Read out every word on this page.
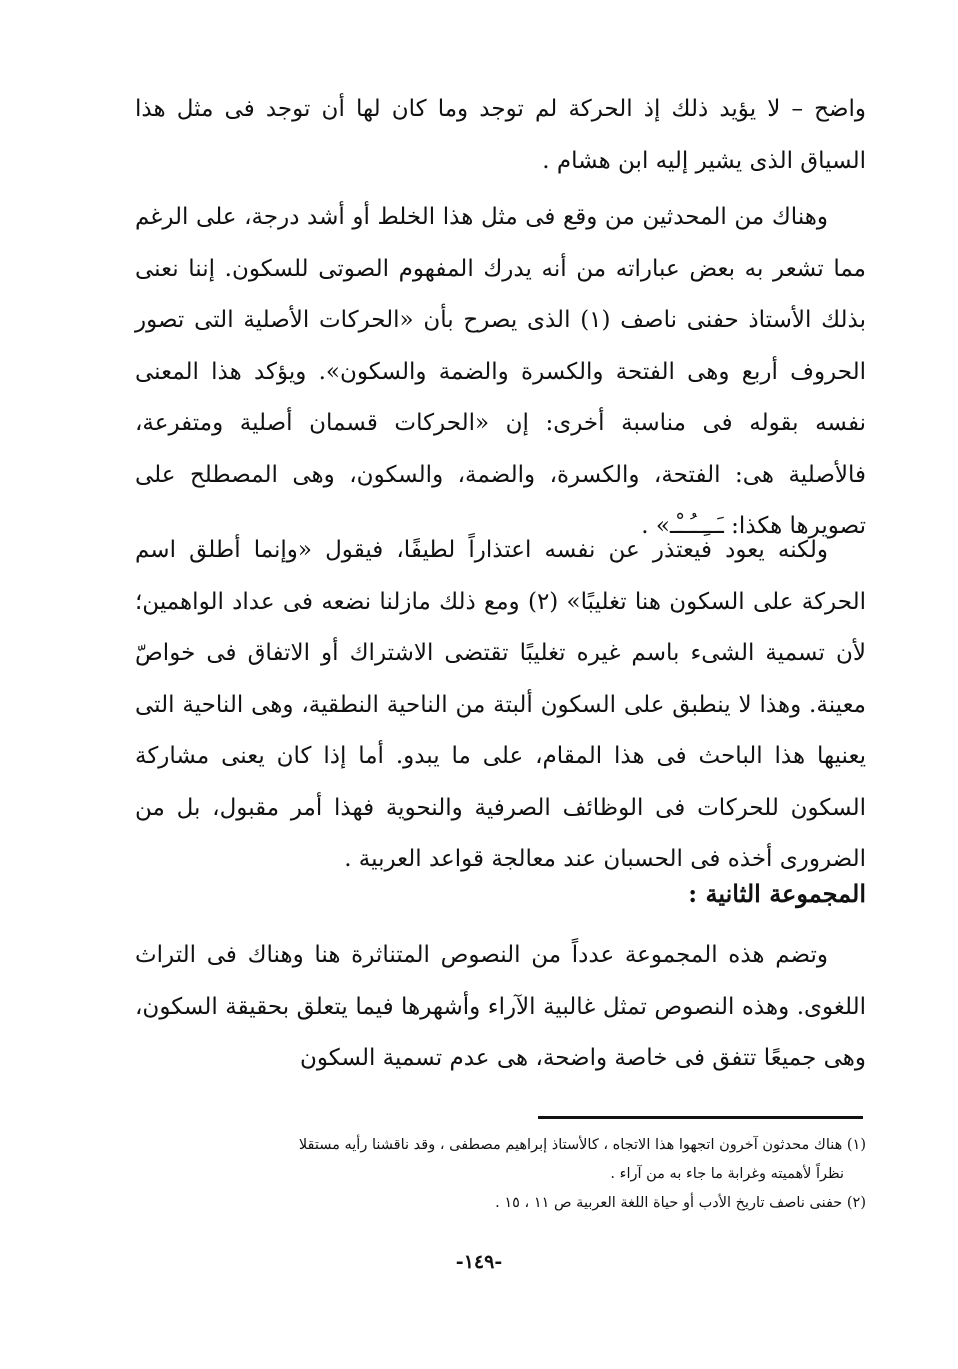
واضح – لا يؤيد ذلك إذ الحركة لم توجد وما كان لها أن توجد فى مثل هذا السياق الذى يشير إليه ابن هشام .

وهناك من المحدثين من وقع فى مثل هذا الخلط أو أشد درجة، على الرغم مما تشعر به بعض عباراته من أنه يدرك المفهوم الصوتى للسكون. إننا نعنى بذلك الأستاذ حفنى ناصف (١) الذى يصرح بأن «الحركات الأصلية التى تصور الحروف أربع وهى الفتحة والكسرة والضمة والسكون». ويؤكد هذا المعنى نفسه بقوله فى مناسبة أخرى: إن «الحركات قسمان أصلية ومتفرعة، فالأصلية هى: الفتحة، والكسرة، والضمة، والسكون، وهى المصطلح على تصويرها هكذا: ـَــِــُــْـ» .

ولكنه يعود فيعتذر عن نفسه اعتذاراً لطيفًا، فيقول «وإنما أطلق اسم الحركة على السكون هنا تغليبًا» (٢) ومع ذلك مازلنا نضعه فى عداد الواهمين؛ لأن تسمية الشىء باسم غيره تغليبًا تقتضى الاشتراك أو الاتفاق فى خواصّ معينة. وهذا لا ينطبق على السكون ألبتة من الناحية النطقية، وهى الناحية التى يعنيها هذا الباحث فى هذا المقام، على ما يبدو. أما إذا كان يعنى مشاركة السكون للحركات فى الوظائف الصرفية والنحوية فهذا أمر مقبول، بل من الضرورى أخذه فى الحسبان عند معالجة قواعد العربية .

المجموعة الثانية :

وتضم هذه المجموعة عدداً من النصوص المتناثرة هنا وهناك فى التراث اللغوى. وهذه النصوص تمثل غالبية الآراء وأشهرها فيما يتعلق بحقيقة السكون، وهى جميعًا تتفق فى خاصة واضحة، هى عدم تسمية السكون

(١) هناك محدثون آخرون اتجهوا هذا الاتجاه ، كالأستاذ إبراهيم مصطفى ، وقد ناقشنا رأيه مستقلا

نظراً لأهميته وغرابة ما جاء به من آراء .

(٢) حفنى ناصف تاريخ الأدب أو حياة اللغة العربية ص ١١ ، ١٥ .

-١٤٩-
